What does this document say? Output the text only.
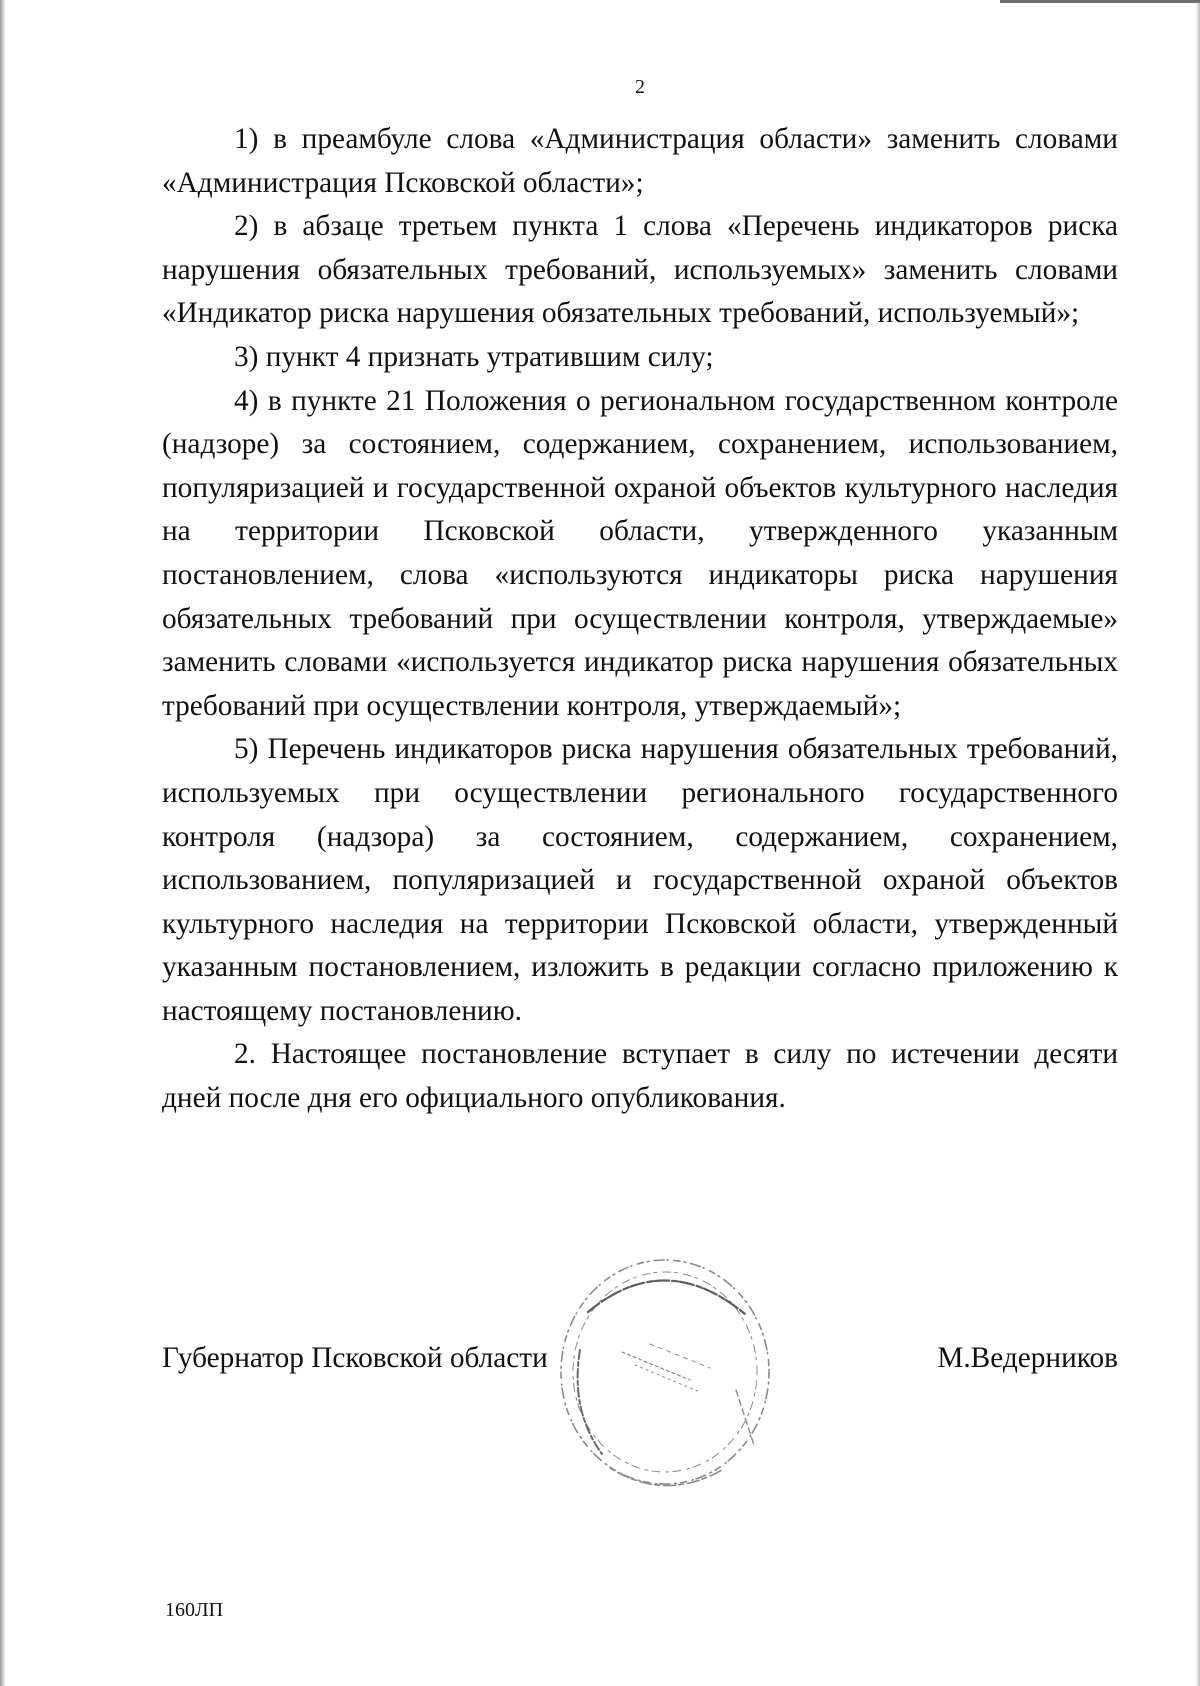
2

1) в преамбуле слова «Администрация области» заменить словами «Администрация Псковской области»;

2) в абзаце третьем пункта 1 слова «Перечень индикаторов риска нарушения обязательных требований, используемых» заменить словами «Индикатор риска нарушения обязательных требований, используемый»;

3) пункт 4 признать утратившим силу;

4) в пункте 21 Положения о региональном государственном контроле (надзоре) за состоянием, содержанием, сохранением, использованием, популяризацией и государственной охраной объектов культурного наследия на территории Псковской области, утвержденного указанным постановлением, слова «используются индикаторы риска нарушения обязательных требований при осуществлении контроля, утверждаемые» заменить словами «используется индикатор риска нарушения обязательных требований при осуществлении контроля, утверждаемый»;

5) Перечень индикаторов риска нарушения обязательных требований, используемых при осуществлении регионального государственного контроля (надзора) за состоянием, содержанием, сохранением, использованием, популяризацией и государственной охраной объектов культурного наследия на территории Псковской области, утвержденный указанным постановлением, изложить в редакции согласно приложению к настоящему постановлению.

2. Настоящее постановление вступает в силу по истечении десяти дней после дня его официального опубликования.

Губернатор Псковской области	М.Ведерников
160ЛП
